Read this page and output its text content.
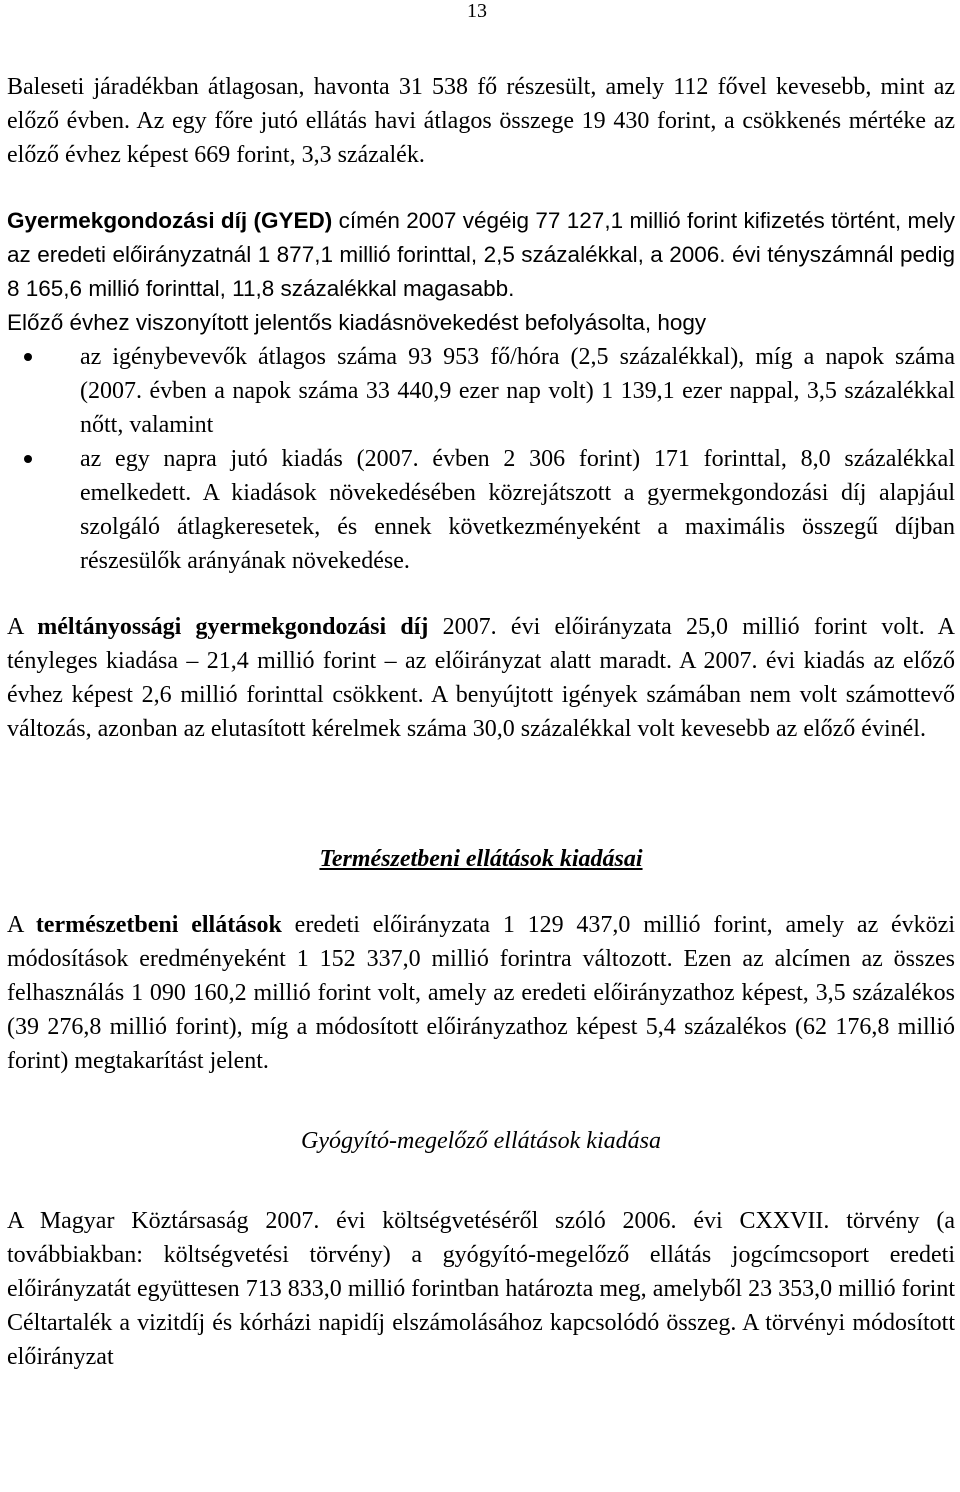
13

Baleseti járadékban átlagosan, havonta 31 538 fő részesült, amely 112 fővel kevesebb, mint az előző évben. Az egy főre jutó ellátás havi átlagos összege 19 430 forint, a csökkenés mértéke az előző évhez képest 669 forint, 3,3 százalék.

Gyermekgondozási díj (GYED) címén 2007 végéig 77 127,1 millió forint kifizetés történt, mely az eredeti előirányzatnál 1 877,1 millió forinttal, 2,5 százalékkal, a 2006. évi tényszámnál pedig 8 165,6 millió forinttal, 11,8 százalékkal magasabb.

Előző évhez viszonyított jelentős kiadásnövekedést befolyásolta, hogy

az igénybevevők átlagos száma 93 953 fő/hóra (2,5 százalékkal), míg a napok száma (2007. évben a napok száma 33 440,9 ezer nap volt) 1 139,1 ezer nappal, 3,5 százalékkal nőtt, valamint
az egy napra jutó kiadás (2007. évben 2 306 forint) 171 forinttal, 8,0 százalékkal emelkedett. A kiadások növekedésében közrejátszott a gyermekgondozási díj alapjául szolgáló átlagkeresetek, és ennek következményeként a maximális összegű díjban részesülők arányának növekedése.

A méltányossági gyermekgondozási díj 2007. évi előirányzata 25,0 millió forint volt. A tényleges kiadása – 21,4 millió forint – az előirányzat alatt maradt. A 2007. évi kiadás az előző évhez képest 2,6 millió forinttal csökkent. A benyújtott igények számában nem volt számottevő változás, azonban az elutasított kérelmek száma 30,0 százalékkal volt kevesebb az előző évinél.

Természetbeni ellátások kiadásai

A természetbeni ellátások eredeti előirányzata 1 129 437,0 millió forint, amely az évközi módosítások eredményeként 1 152 337,0 millió forintra változott. Ezen az alcímen az összes felhasználás 1 090 160,2 millió forint volt, amely az eredeti előirányzathoz képest, 3,5 százalékos (39 276,8 millió forint), míg a módosított előirányzathoz képest 5,4 százalékos (62 176,8 millió forint) megtakarítást jelent.

Gyógyító-megelőző ellátások kiadása

A Magyar Köztársaság 2007. évi költségvetéséről szóló 2006. évi CXXVII. törvény (a továbbiakban: költségvetési törvény) a gyógyító-megelőző ellátás jogcímcsoport eredeti előirányzatát együttesen 713 833,0 millió forintban határozta meg, amelyből 23 353,0 millió forint Céltartalék a vizitdíj és kórházi napidíj elszámolásához kapcsolódó összeg. A törvényi módosított előirányzat
